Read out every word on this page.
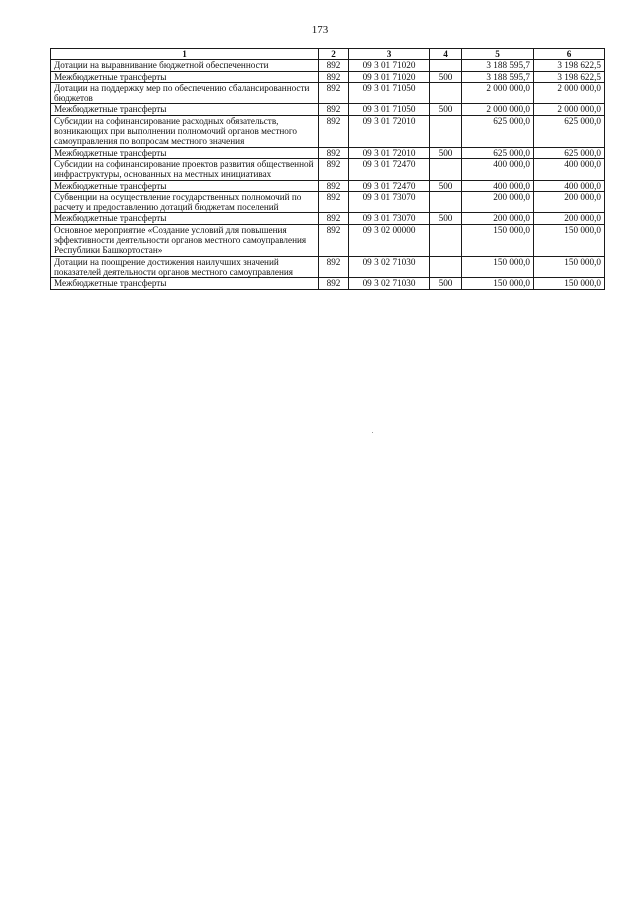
173
1	2	3	4	5	6
Дотации на выравнивание бюджетной обеспеченности	892	09 3 01 71020		3 188 595,7	3 198 622,5
Межбюджетные трансферты	892	09 3 01 71020	500	3 188 595,7	3 198 622,5
Дотации на поддержку мер по обеспечению сбалансированности бюджетов	892	09 3 01 71050		2 000 000,0	2 000 000,0
Межбюджетные трансферты	892	09 3 01 71050	500	2 000 000,0	2 000 000,0
Субсидии на софинансирование расходных обязательств, возникающих при выполнении полномочий органов местного самоуправления по вопросам местного значения	892	09 3 01 72010		625 000,0	625 000,0
Межбюджетные трансферты	892	09 3 01 72010	500	625 000,0	625 000,0
Субсидии на софинансирование проектов развития общественной инфраструктуры, основанных на местных инициативах	892	09 3 01 72470		400 000,0	400 000,0
Межбюджетные трансферты	892	09 3 01 72470	500	400 000,0	400 000,0
Субвенции на осуществление государственных полномочий по расчету и предоставлению дотаций бюджетам поселений	892	09 3 01 73070		200 000,0	200 000,0
Межбюджетные трансферты	892	09 3 01 73070	500	200 000,0	200 000,0
Основное мероприятие «Создание условий для повышения эффективности деятельности органов местного самоуправления Республики Башкортостан»	892	09 3 02 00000		150 000,0	150 000,0
Дотации на поощрение достижения наилучших значений показателей деятельности органов местного самоуправления	892	09 3 02 71030		150 000,0	150 000,0
Межбюджетные трансферты	892	09 3 02 71030	500	150 000,0	150 000,0
